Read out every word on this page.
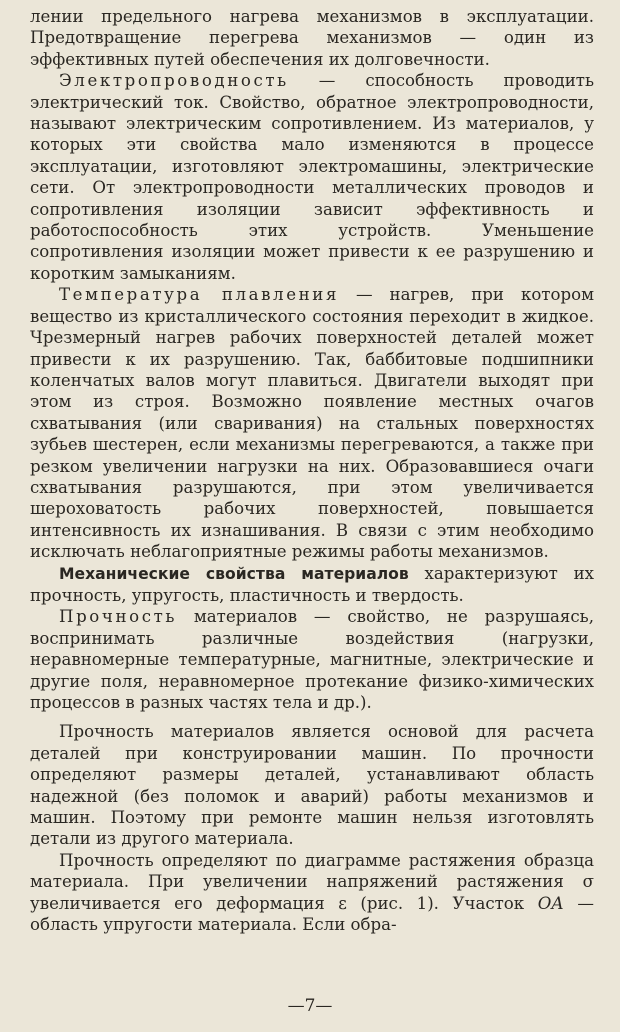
лении предельного нагрева механизмов в эксплуатации. Предотвращение перегрева механизмов — один из эффективных путей обеспечения их долговечности.

Электропроводность — способность проводить электрический ток. Свойство, обратное электропроводности, называют электрическим сопротивлением. Из материалов, у которых эти свойства мало изменяются в процессе эксплуатации, изготовляют электромашины, электрические сети. От электропроводности металлических проводов и сопротивления изоляции зависит эффективность и работоспособность этих устройств. Уменьшение сопротивления изоляции может привести к ее разрушению и коротким замыканиям.

Температура плавления — нагрев, при котором вещество из кристаллического состояния переходит в жидкое. Чрезмерный нагрев рабочих поверхностей деталей может привести к их разрушению. Так, баббитовые подшипники коленчатых валов могут плавиться. Двигатели выходят при этом из строя. Возможно появление местных очагов схватывания (или сваривания) на стальных поверхностях зубьев шестерен, если механизмы перегреваются, а также при резком увеличении нагрузки на них. Образовавшиеся очаги схватывания разрушаются, при этом увеличивается шероховатость рабочих поверхностей, повышается интенсивность их изнашивания. В связи с этим необходимо исключать неблагоприятные режимы работы механизмов.

Механические свойства материалов характеризуют их прочность, упругость, пластичность и твердость.

Прочность материалов — свойство, не разрушаясь, воспринимать различные воздействия (нагрузки, неравномерные температурные, магнитные, электрические и другие поля, неравномерное протекание физико-химических процессов в разных частях тела и др.).

Прочность материалов является основой для расчета деталей при конструировании машин. По прочности определяют размеры деталей, устанавливают область надежной (без поломок и аварий) работы механизмов и машин. Поэтому при ремонте машин нельзя изготовлять детали из другого материала.

Прочность определяют по диаграмме растяжения образца материала. При увеличении напряжений растяжения σ увеличивается его деформация ε (рис. 1). Участок ОА — область упругости материала. Если обра-

—7—
